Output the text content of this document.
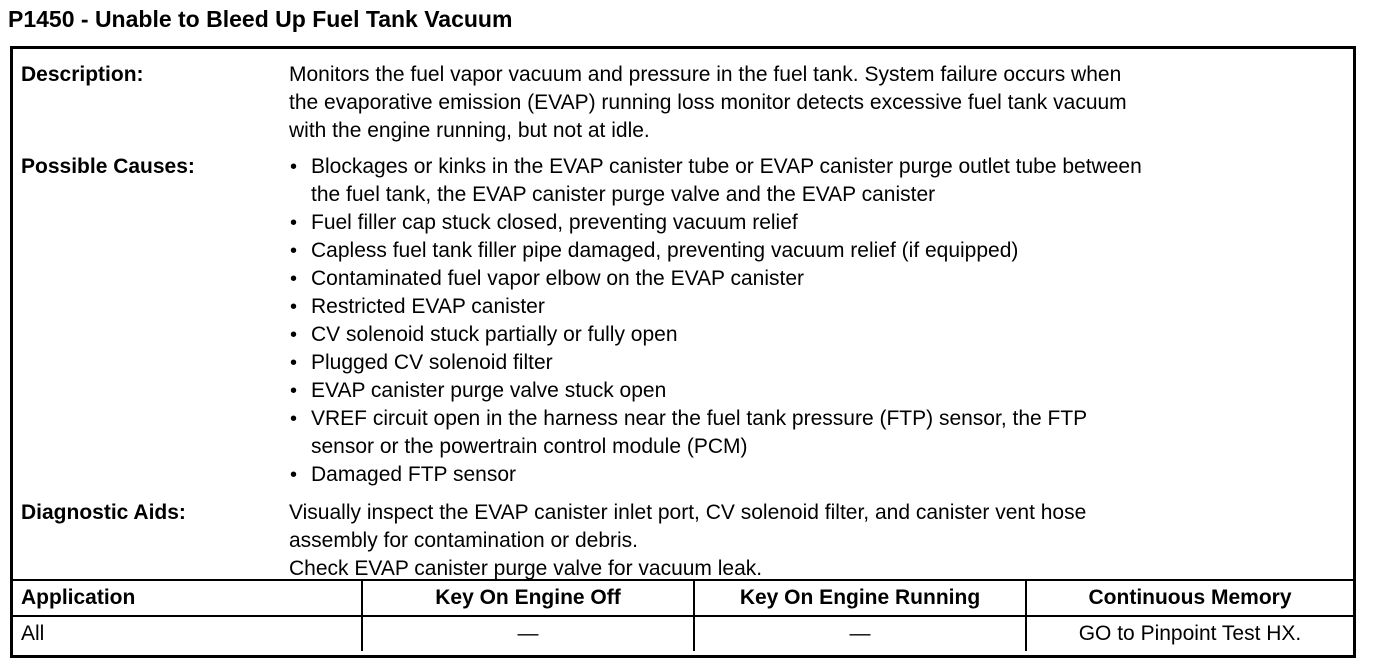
P1450 - Unable to Bleed Up Fuel Tank Vacuum
Description:	Monitors the fuel vapor vacuum and pressure in the fuel tank. System failure occurs when
the evaporative emission (EVAP) running loss monitor detects excessive fuel tank vacuum
with the engine running, but not at idle.
Possible Causes:	• Blockages or kinks in the EVAP canister tube or EVAP canister purge outlet tube between
the fuel tank, the EVAP canister purge valve and the EVAP canister
• Fuel filler cap stuck closed, preventing vacuum relief
• Capless fuel tank filler pipe damaged, preventing vacuum relief (if equipped)
• Contaminated fuel vapor elbow on the EVAP canister
• Restricted EVAP canister
• CV solenoid stuck partially or fully open
• Plugged CV solenoid filter
• EVAP canister purge valve stuck open
• VREF circuit open in the harness near the fuel tank pressure (FTP) sensor, the FTP
sensor or the powertrain control module (PCM)
• Damaged FTP sensor
Diagnostic Aids:	Visually inspect the EVAP canister inlet port, CV solenoid filter, and canister vent hose
assembly for contamination or debris.
Check EVAP canister purge valve for vacuum leak.
Application	Key On Engine Off	Key On Engine Running	Continuous Memory
All	—	—	GO to Pinpoint Test HX.
